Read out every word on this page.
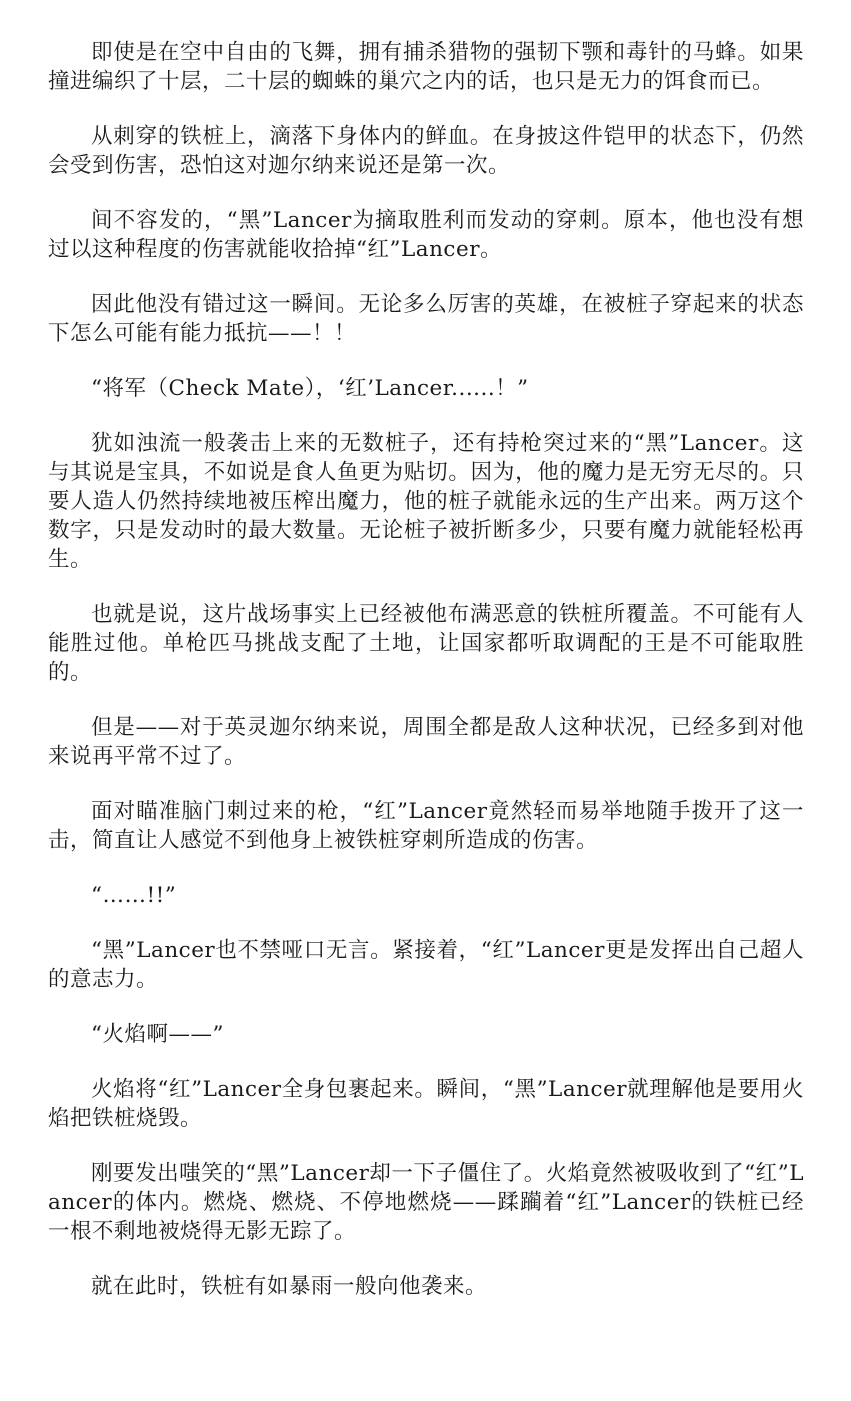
即使是在空中自由的飞舞，拥有捕杀猎物的强韧下颚和毒针的马蜂。如果撞进编织了十层，二十层的蜘蛛的巢穴之内的话，也只是无力的饵食而已。

从刺穿的铁桩上，滴落下身体内的鲜血。在身披这件铠甲的状态下，仍然会受到伤害，恐怕这对迦尔纳来说还是第一次。

间不容发的，“黑”Lancer为摘取胜利而发动的穿刺。原本，他也没有想过以这种程度的伤害就能收拾掉“红”Lancer。

因此他没有错过这一瞬间。无论多么厉害的英雄，在被桩子穿起来的状态下怎么可能有能力抵抗——！！

“将军（Check Mate），‘红’Lancer......！”

犹如浊流一般袭击上来的无数桩子，还有持枪突过来的“黑”Lancer。这与其说是宝具，不如说是食人鱼更为贴切。因为，他的魔力是无穷无尽的。只要人造人仍然持续地被压榨出魔力，他的桩子就能永远的生产出来。两万这个数字，只是发动时的最大数量。无论桩子被折断多少，只要有魔力就能轻松再生。

也就是说，这片战场事实上已经被他布满恶意的铁桩所覆盖。不可能有人能胜过他。单枪匹马挑战支配了土地，让国家都听取调配的王是不可能取胜的。

但是——对于英灵迦尔纳来说，周围全都是敌人这种状况，已经多到对他来说再平常不过了。

面对瞄准脑门刺过来的枪，“红”Lancer竟然轻而易举地随手拨开了这一击，简直让人感觉不到他身上被铁桩穿刺所造成的伤害。

“……!!”

“黑”Lancer也不禁哑口无言。紧接着，“红”Lancer更是发挥出自己超人的意志力。

“火焰啊——”

火焰将“红”Lancer全身包裹起来。瞬间，“黑”Lancer就理解他是要用火焰把铁桩烧毁。

刚要发出嗤笑的“黑”Lancer却一下子僵住了。火焰竟然被吸收到了“红”Lancer的体内。燃烧、燃烧、不停地燃烧——蹂躏着“红”Lancer的铁桩已经一根不剩地被烧得无影无踪了。

就在此时，铁桩有如暴雨一般向他袭来。
